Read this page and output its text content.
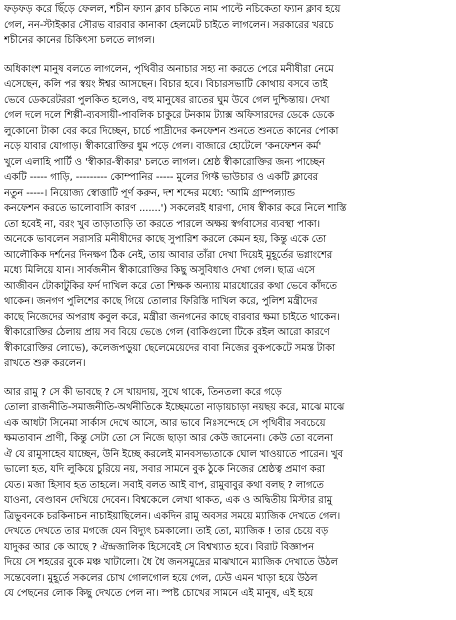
ফড়ফড় করে ছিঁড়ে ফেলল, শচীন ফ্যান ক্লাব চকিতে নাম পাল্টে নচিকেতা ফ্যান ক্লাব হয়ে
গেল, নন-স্টাইকার সৌরভ বারবার কানাকা হেলমেট চাইতে লাগলেন। সরকারের খরচে
শচীনের কানের চিকিৎসা চলতে লাগল।
অধিকাংশ মানুষ বলতে লাগলেন, পৃথিবীর অনাচার সহ্য না করতে পেরে মনীষীরা নেমে
এসেছেন, কলি পর স্বয়ং ঈশ্বর আসছেন। বিচার হবে। বিচারসভাটি কোথায় বসবে তাই
ভেবে ডেকরেটররা পুলকিত হলেও, বহু মানুষের রাতের ঘুম উবে গেল দুশ্চিন্তায়। দেখা
গেল দলে দলে শিল্পী-ব্যবসায়ী-পাবলিক চাকুরে টনকাম ট্যাক্স অফিসারদের ডেকে ডেকে
লুকোনো টাকা বের করে দিচ্ছেন, চার্চে পাদ্রীদের কনফেশন শুনতে শুনতে কানের পোকা
নড়ে যাবার যোগাড়। স্বীকারোক্তির ধুম পড়ে গেল। বাজারে হোটেলে 'কনফেশন কর্ম'
খুলে এলাহি পার্টি ও 'স্বীকার-স্বীকার' চলতে লাগল। শ্রেষ্ঠ স্বীকারোক্তির জন্য পাচ্ছেন
একটি ----- গাড়ি, --------- কোম্পানির ----- মুলের গিফ্ট ভাউচার ও একটি ক্লাবের
নতুন -----। নিয়োজ্য স্বোত্তাটি পূর্ণ করুন, দশ শব্দের মধ্যে: 'আমি গ্রাম্পল্যান্ড
কনফেশন করতে ভালোবাসি কারণ .......') সকলেরই ধারণা, দোষ স্বীকার করে নিলে শাস্তি
তো হবেই না, বরং খুব তাড়াতাড়ি তা করতে পারলে অক্ষয় স্বর্গবাসের ব্যবস্থা পাকা।
অনেকে ভাবলেন সরাসরি মনীষীদের কাছে সুপারিশ করলে কেমন হয়, কিন্তু একে তো
আলৌকিক দর্শনের দিনক্ষণ ঠিক নেই, তায় আবার তাঁরা দেখা দিয়েই মুহূর্তের ভগ্নাংশের
মধ্যে মিলিয়ে যান। সার্বজনীন স্বীকারোক্তির কিছু অসুবিধাও দেখা গেল। ছাত্র এসে
আজীবন টোকাটুকির ফর্দ দাখিল করে তো শিক্ষক অন্যায় মারধোরের কথা ভেবে কাঁদতে
থাকেন। জনগণ পুলিশের কাছে গিয়ে তোলার ফিরিস্তি দাখিল করে, পুলিশ মন্ত্রীদের
কাছে নিজেদের অপরাধ কবুল করে, মন্ত্রীরা জনগনের কাছে বারবার ক্ষমা চাইতে থাকেন।
স্বীকারোক্তির ঠেলায় প্রায় সব বিয়ে ভেঙে গেল (বাকিগুলো টিকে রইল আরো কারণে
স্বীকারোক্তির লোভে), কলেজপড়ুয়া ছেলেমেয়েদের বাবা নিজের বুকপকেটে সমস্ত টাকা
রাখতে শুরু করলেন।
আর রামু ? সে কী ভাবছে ? সে খায়দায়, সুখে থাকে, তিনতলা করে গড়ে
তোলা রাজনীতি-সমাজনীতি-অর্থনীতিকে ইচ্ছেমতো নাড়ায়চাড়া নয়ছয় করে, মাঝে মাঝে
এক আধটা সিনেমা সার্কাস দেখে আসে, আর ভাবে নিঃসন্দেহে সে পৃথিবীর সবচেয়ে
ক্ষমতাবান প্রাণী, কিন্তু সেটা তো সে নিজে ছাড়া আর কেউ জানেনা। কেউ তো বলেনা
ঐ যে রামুসাহেব যাচ্ছেন, উনি ইচ্ছে করলেই মানবসভ্যতাকে ঘোল খাওয়াতে পারেন। খুব
ভালো হত, যদি লুকিয়ে চুরিয়ে নয়, সবার সামনে বুক ঠুকে নিজের শ্রেষ্ঠত্ব প্রমাণ করা
যেত। মজা হিসাব হত তাহলে। সবাই বলত আই বাপ, রামুবাবুর কথা বলছ ? লাগতে
যাওনা, বেণ্ডাবন দেখিয়ে দেবেন। বিশ্বকেলে লেখা থাকত, এক ও অদ্বিতীয় মিস্টার রামু
ত্রিভুবনকে চরকিনাচন নাচাইয়াছিলেন। একদিন রামু অবসর সময়ে ম্যাজিক দেখতে গেল।
দেখতে দেখতে তার মগজে যেন বিদ্যুৎ চমকালো। তাই তো, ম্যাজিক ! তার চেয়ে বড়
যাদুকর আর কে আছে ? ঐন্দ্রজালিক হিসেবেই সে বিশ্বখ্যাত হবে। বিরাট বিজ্ঞাপন
দিয়ে সে শহরের বুকে মঞ্চ খাটালো। ধৈ ধৈ জনসমুদ্রের মাঝখানে ম্যাজিক দেখাতে উঠল
সন্তেবেলা। মুহূর্তে সকলের চোখ গোলগোল হয়ে গেল, ঢেউ এমন খাড়া হয়ে উঠল
যে পেছনের লোক কিছু দেখতে পেল না। স্পষ্ট চোখের সামনে এই মানুষ, এই হয়ে
